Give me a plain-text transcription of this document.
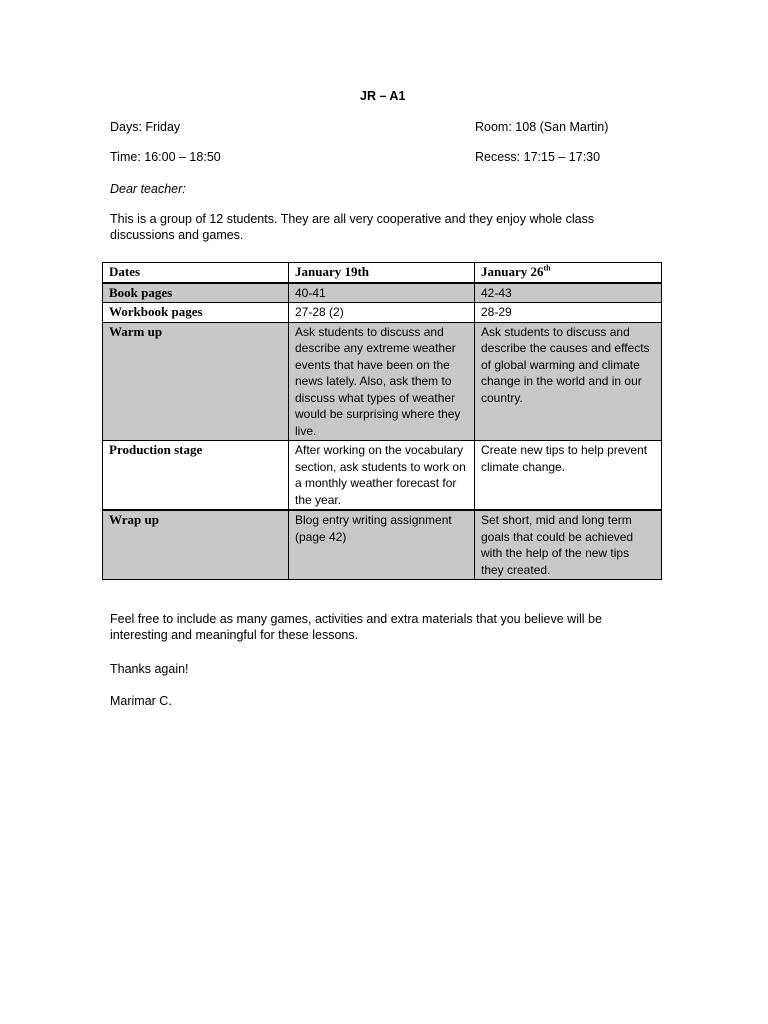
JR – A1
Days: Friday	Room: 108 (San Martin)
Time: 16:00 – 18:50	Recess: 17:15 – 17:30
Dear teacher:
This is a group of 12 students. They are all very cooperative and they enjoy whole class discussions and games.
Dates	January 19th	January 26th
Book pages	40-41	42-43
Workbook pages	27-28 (2)	28-29
Warm up	Ask students to discuss and describe any extreme weather events that have been on the news lately. Also, ask them to discuss what types of weather would be surprising where they live.	Ask students to discuss and describe the causes and effects of global warming and climate change in the world and in our country.
Production stage	After working on the vocabulary section, ask students to work on a monthly weather forecast for the year.	Create new tips to help prevent climate change.
Wrap up	Blog entry writing assignment (page 42)	Set short, mid and long term goals that could be achieved with the help of the new tips they created.
Feel free to include as many games, activities and extra materials that you believe will be interesting and meaningful for these lessons.
Thanks again!
Marimar C.
